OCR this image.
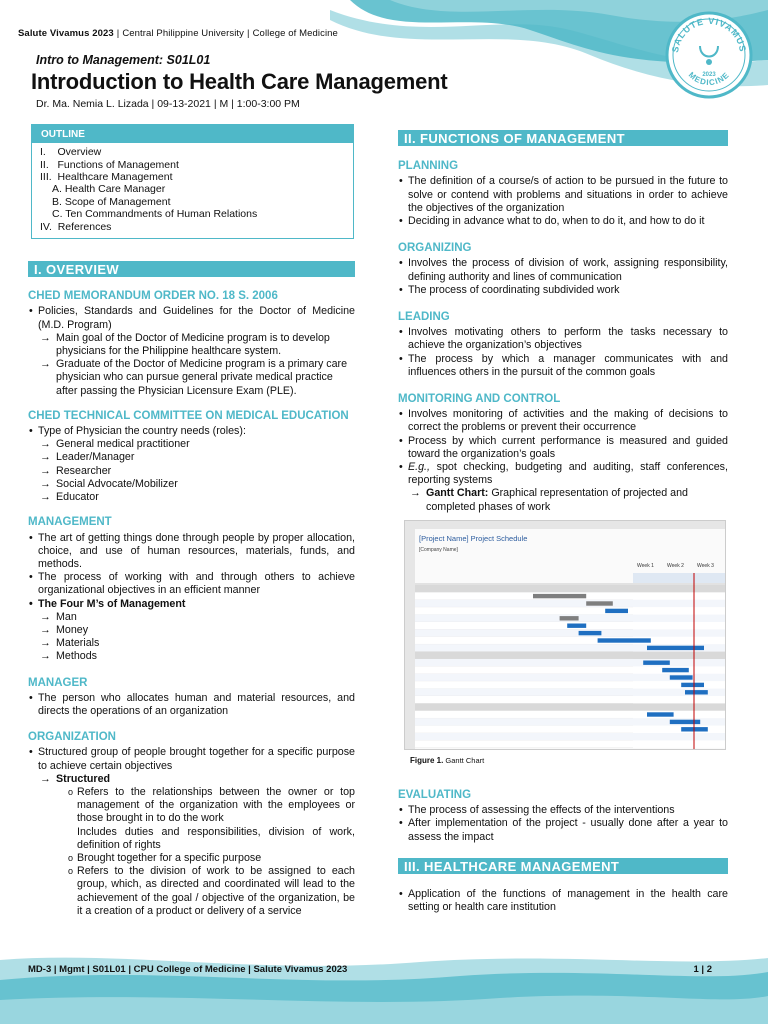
SALUTE VIVAMUS
MEDICINE
2023
Salute Vivamus 2023 | Central Philippine University | College of Medicine
Intro to Management: S01L01
Introduction to Health Care Management
Dr. Ma. Nemia L. Lizada | 09-13-2021 | M | 1:00-3:00 PM
OUTLINE
I.    Overview
II.   Functions of Management
III.  Healthcare Management
A. Health Care Manager
B. Scope of Management
C. Ten Commandments of Human Relations
IV.  References
I. OVERVIEW
CHED MEMORANDUM ORDER NO. 18 S. 2006
• Policies, Standards and Guidelines for the Doctor of Medicine (M.D. Program)
→ Main goal of the Doctor of Medicine program is to develop physicians for the Philippine healthcare system.
→ Graduate of the Doctor of Medicine program is a primary care physician who can pursue general private medical practice after passing the Physician Licensure Exam (PLE).
CHED TECHNICAL COMMITTEE ON MEDICAL EDUCATION
• Type of Physician the country needs (roles):
→ General medical practitioner
→ Leader/Manager
→ Researcher
→ Social Advocate/Mobilizer
→ Educator
MANAGEMENT
• The art of getting things done through people by proper allocation, choice, and use of human resources, materials, funds, and methods.
• The process of working with and through others to achieve organizational objectives in an efficient manner
• The Four M’s of Management
→ Man
→ Money
→ Materials
→ Methods
MANAGER
• The person who allocates human and material resources, and directs the operations of an organization
ORGANIZATION
• Structured group of people brought together for a specific purpose to achieve certain objectives
→ Structured

o Refers to the relationships between the owner or top management of the organization with the employees or those brought in to do the work

Includes duties and responsibilities, division of work, definition of rights

o Brought together for a specific purpose
o Refers to the division of work to be assigned to each group, which, as directed and coordinated will lead to the achievement of the goal / objective of the organization, be it a creation of a product or delivery of a service
II. FUNCTIONS OF MANAGEMENT
PLANNING
• The definition of a course/s of action to be pursued in the future to solve or contend with problems and situations in order to achieve the objectives of the organization
• Deciding in advance what to do, when to do it, and how to do it
ORGANIZING
• Involves the process of division of work, assigning responsibility, defining authority and lines of communication
• The process of coordinating subdivided work
LEADING
• Involves motivating others to perform the tasks necessary to achieve the organization’s objectives
• The process by which a manager communicates with and influences others in the pursuit of the common goals
MONITORING AND CONTROL
• Involves monitoring of activities and the making of decisions to correct the problems or prevent their occurrence
• Process by which current performance is measured and guided toward the organization’s goals
• E.g., spot checking, budgeting and auditing, staff conferences, reporting systems
→ Gantt Chart: Graphical representation of projected and completed phases of work
[Project Name] Project Schedule
[Company Name]
Week 1	Week 2	Week 3
Figure 1. Gantt Chart
EVALUATING
• The process of assessing the effects of the interventions
• After implementation of the project - usually done after a year to assess the impact
III. HEALTHCARE MANAGEMENT
• Application of the functions of management in the health care setting or health care institution
MD-3 | Mgmt | S01L01 | CPU College of Medicine | Salute Vivamus 2023	1 | 2
